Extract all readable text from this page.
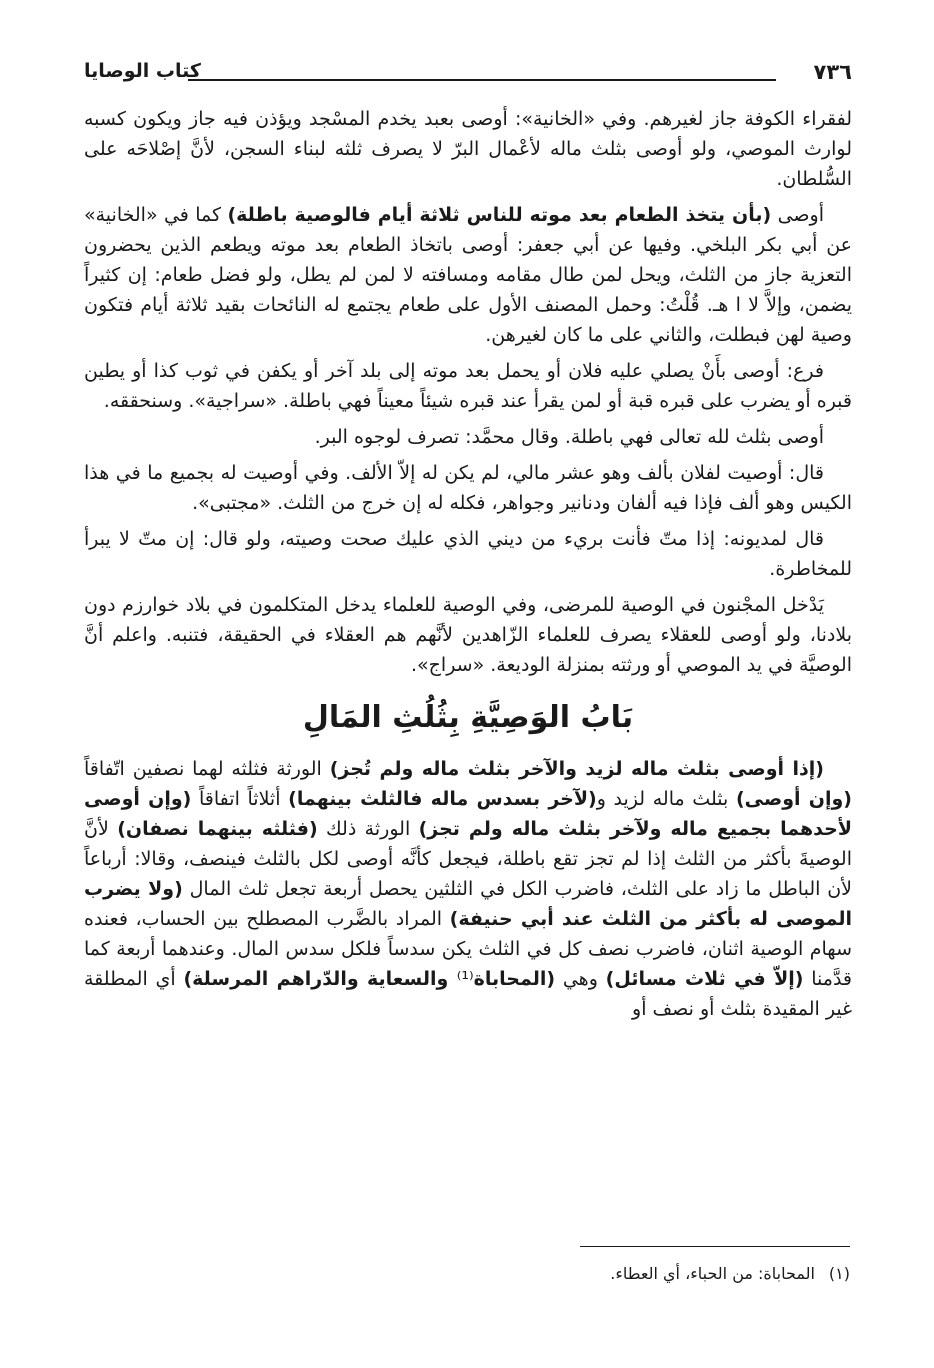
٧٣٦
كتاب الوصايا

لفقراء الكوفة جاز لغيرهم. وفي «الخانية»: أوصى بعبد يخدم المسْجد ويؤذن فيه جاز ويكون كسبه لوارث الموصي، ولو أوصى بثلث ماله لأعْمال البرّ لا يصرف ثلثه لبناء السجن، لأنَّ إصْلاحَه على السُّلطان.

أوصى (بأن يتخذ الطعام بعد موته للناس ثلاثة أيام فالوصية باطلة) كما في «الخانية» عن أبي بكر البلخي. وفيها عن أبي جعفر: أوصى باتخاذ الطعام بعد موته ويطعم الذين يحضرون التعزية جاز من الثلث، ويحل لمن طال مقامه ومسافته لا لمن لم يطل، ولو فضل طعام: إن كثيراً يضمن، وإلاَّ لا ا هـ. قُلْتُ: وحمل المصنف الأول على طعام يجتمع له النائحات بقيد ثلاثة أيام فتكون وصية لهن فبطلت، والثاني على ما كان لغيرهن.

فرع: أوصى بأَنْ يصلي عليه فلان أو يحمل بعد موته إلى بلد آخر أو يكفن في ثوب كذا أو يطين قبره أو يضرب على قبره قبة أو لمن يقرأ عند قبره شيئاً معيناً فهي باطلة. «سراجية». وسنحققه.

أوصى بثلث لله تعالى فهي باطلة. وقال محمَّد: تصرف لوجوه البر.

قال: أوصيت لفلان بألف وهو عشر مالي، لم يكن له إلاّ الألف. وفي أوصيت له بجميع ما في هذا الكيس وهو ألف فإذا فيه ألفان ودنانير وجواهر، فكله له إن خرج من الثلث. «مجتبى».

قال لمديونه: إذا متّ فأنت بريء من ديني الذي عليك صحت وصيته، ولو قال: إن متّ لا يبرأ للمخاطرة.

يَدْخل المجْنون في الوصية للمرضى، وفي الوصية للعلماء يدخل المتكلمون في بلاد خوارزم دون بلادنا، ولو أوصى للعقلاء يصرف للعلماء الزّاهدين لأنَّهم هم العقلاء في الحقيقة، فتنبه. واعلم أنَّ الوصيَّة في يد الموصي أو ورثته بمنزلة الوديعة. «سراج».

بَابُ الوَصِيَّةِ بِثُلُثِ المَالِ

(إذا أوصى بثلث ماله لزيد والآخر بثلث ماله ولم تُجز) الورثة فثلثه لهما نصفين اتّفاقاً (وإن أوصى) بثلث ماله لزيد و(لآخر بسدس ماله فالثلث بينهما) أثلاثاً اتفاقاً (وإن أوصى لأحدهما بجميع ماله ولآخر بثلث ماله ولم تجز) الورثة ذلك (فثلثه بينهما نصفان) لأنَّ الوصيةَ بأكثر من الثلث إذا لم تجز تقع باطلة، فيجعل كأنَّه أوصى لكل بالثلث فينصف، وقالا: أرباعاً لأن الباطل ما زاد على الثلث، فاضرب الكل في الثلثين يحصل أربعة تجعل ثلث المال (ولا يضرب الموصى له بأكثر من الثلث عند أبي حنيفة) المراد بالضَّرب المصطلح بين الحساب، فعنده سهام الوصية اثنان، فاضرب نصف كل في الثلث يكن سدساً فلكل سدس المال. وعندهما أربعة كما قدَّمنا (إلاّ في ثلاث مسائل) وهي (المحاباة⁽¹⁾ والسعاية والدّراهم المرسلة) أي المطلقة غير المقيدة بثلث أو نصف أو

(١)المحاباة: من الحباء، أي العطاء.
